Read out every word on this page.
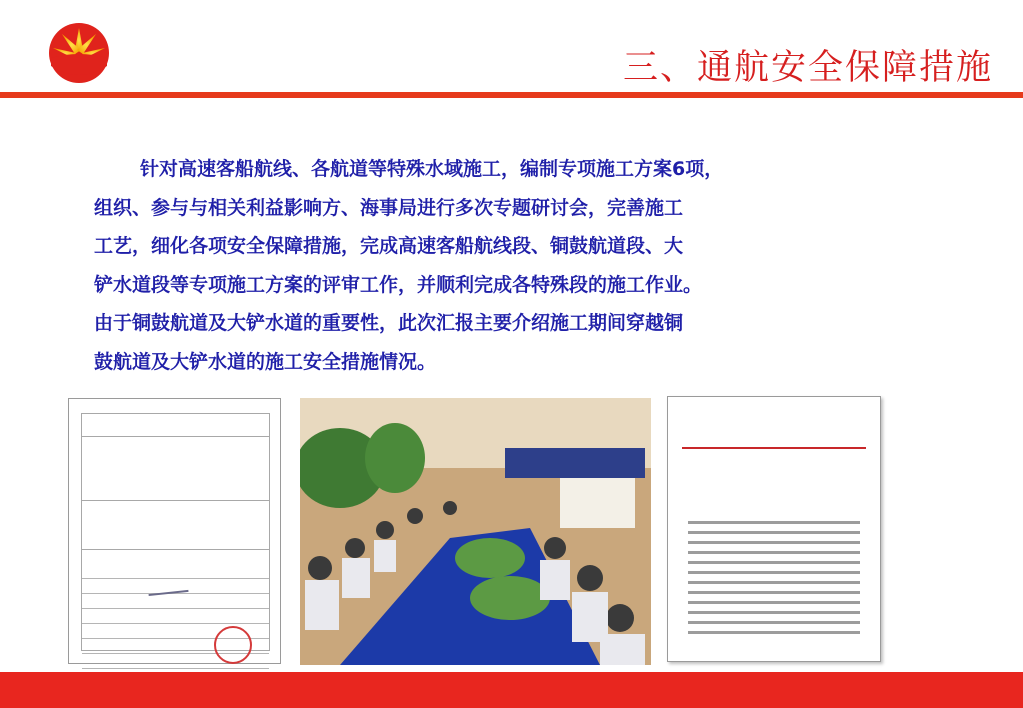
三、通航安全保障措施

针对高速客船航线、各航道等特殊水域施工，编制专项施工方案6项，
组织、参与与相关利益影响方、海事局进行多次专题研讨会，完善施工
工艺，细化各项安全保障措施，完成高速客船航线段、铜鼓航道段、大
铲水道段等专项施工方案的评审工作，并顺利完成各特殊段的施工作业。
由于铜鼓航道及大铲水道的重要性，此次汇报主要介绍施工期间穿越铜
鼓航道及大铲水道的施工安全措施情况。
